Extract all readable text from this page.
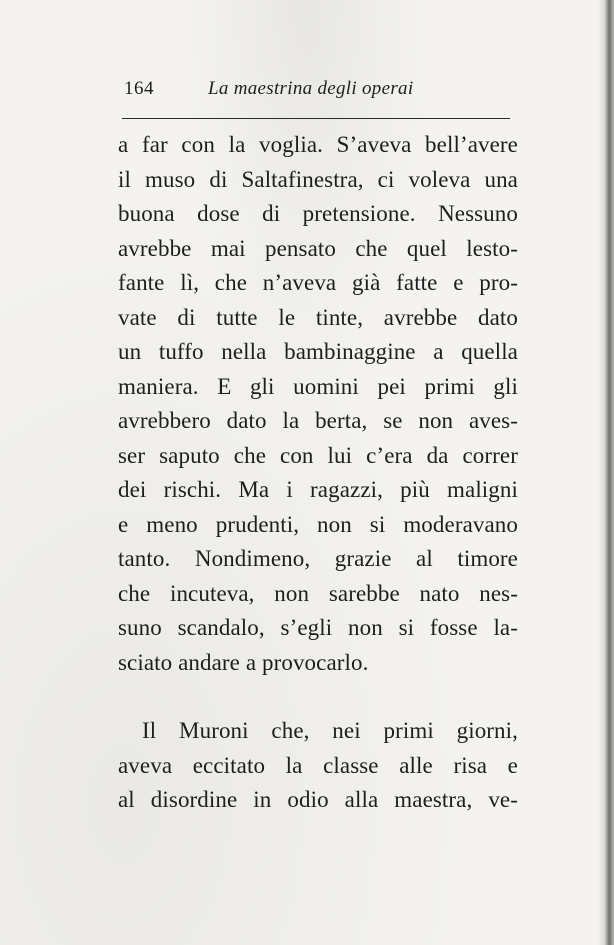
164	La maestrina degli operai
a far con la voglia. S’aveva bell’avere
il muso di Saltafinestra, ci voleva una
buona dose di pretensione. Nessuno
avrebbe mai pensato che quel lesto-
fante lì, che n’aveva già fatte e pro-
vate di tutte le tinte, avrebbe dato
un tuffo nella bambinaggine a quella
maniera. E gli uomini pei primi gli
avrebbero dato la berta, se non aves-
ser saputo che con lui c’era da correr
dei rischi. Ma i ragazzi, più maligni
e meno prudenti, non si moderavano
tanto. Nondimeno, grazie al timore
che incuteva, non sarebbe nato nes-
suno scandalo, s’egli non si fosse la-
sciato andare a provocarlo.
Il Muroni che, nei primi giorni,
aveva eccitato la classe alle risa e
al disordine in odio alla maestra, ve-
